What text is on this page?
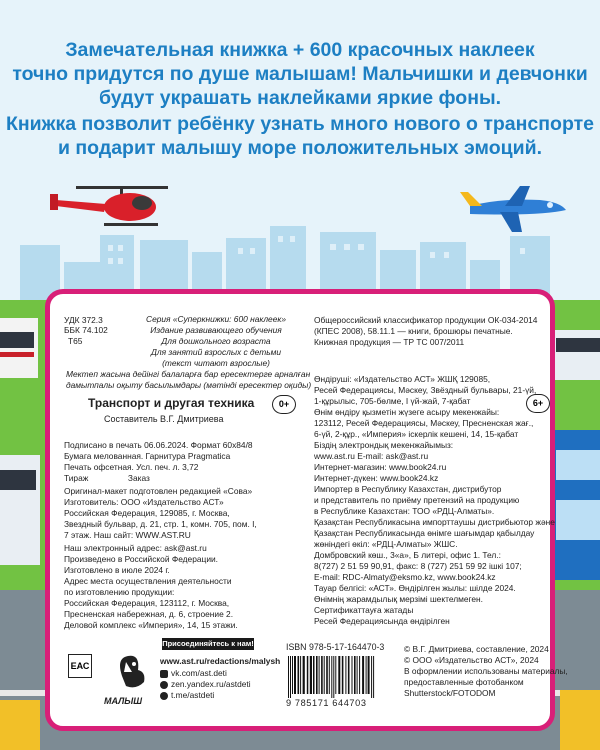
Замечательная книжка + 600 красочных наклеек
точно придутся по душе малышам! Мальчишки и девчонки
будут украшать наклейками яркие фоны.
Книжка позволит ребёнку узнать много нового о транспорте
и подарит малышу море положительных эмоций.
УДК 372.3
ББК 74.102
Т65
Серия «Суперкнижки: 600 наклеек»
Издание развивающего обучения
Для дошкольного возраста
Для занятий взрослых с детьми
(текст читают взрослые)
Мектеп жасына дейінгі балаларға бар ересектерге арналған
дамытпалы оқыту басылымдары (мәтінді ересектер оқиды)
Транспорт и другая техника
Составитель В.Г. Дмитриева
0+
Подписано в печать 06.06.2024. Формат 60х84/8
Бумага мелованная. Гарнитура Pragmatica
Печать офсетная. Усл. печ. л. 3,72
Тираж                 Заказ
Оригинал-макет подготовлен редакцией «Сова»
Изготовитель: ООО «Издательство АСТ»
Российская Федерация, 129085, г. Москва,
Звездный бульвар, д. 21, стр. 1, комн. 705, пом. I,
7 этаж. Наш сайт: WWW.AST.RU
Наш электронный адрес: ask@ast.ru
Произведено в Российской Федерации.
Изготовлено в июле 2024 г.
Адрес места осуществления деятельности
по изготовлению продукции:
Российская Федерация, 123112, г. Москва,
Пресненская набережная, д. 6, строение 2.
Деловой комплекс «Империя», 14, 15 этажи.
ЕАС
МАЛЫШ
Присоединяйтесь к нам!
www.ast.ru/redactions/malysh
vk.com/ast.deti
zen.yandex.ru/astdeti
t.me/astdeti
Общероссийский классификатор продукции ОК-034-2014
(КПЕС 2008), 58.11.1 — книги, брошюры печатные.
Книжная продукция — ТР ТС 007/2011
6+
Өндіруші: «Издательство АСТ» ЖШҚ 129085,
Ресей Федерациясы, Мәскеу, Звёздный бульвары, 21-үй,
1-құрылыс, 705-бөлме, I үй-жай, 7-қабат
Өнім өндіру қызметін жүзеге асыру мекенжайы:
123112, Ресей Федерациясы, Мәскеу, Пресненская жағ.,
6-үй, 2-құр., «Империя» іскерлік кешені, 14, 15-қабат
Біздің электрондық мекенжайымыз:
www.ast.ru E-mail: ask@ast.ru
Интернет-магазин: www.book24.ru
Интернет-дүкен: www.book24.kz
Импортер в Республику Казахстан, дистрибутор
и представитель по приёму претензий на продукцию
в Республике Казахстан: ТОО «РДЦ-Алматы».
Қазақстан Республикасына импорттаушы дистрибьютор және
Қазақстан Республикасында өнімге шағымдар қабылдау
жөніндегі өкіл: «РДЦ-Алматы» ЖШС.
Домбровский көш., 3«а», Б литері, офис 1. Тел.:
8(727) 2 51 59 90,91, факс: 8 (727) 251 59 92 ішкі 107;
E-mail: RDC-Almaty@eksmo.kz, www.book24.kz
Тауар белгісі: «АСТ». Өндірілген жылы: шілде 2024.
Өнімнің жарамдылық мерзімі шектелмеген.
Сертификаттауға жатады
Ресей Федерациясында өндірілген
ISBN 978-5-17-164470-3
9 785171 644703
© В.Г. Дмитриева, составление, 2024
© ООО «Издательство АСТ», 2024
В оформлении использованы материалы,
предоставленные фотобанком
Shutterstock/FOTODOM
